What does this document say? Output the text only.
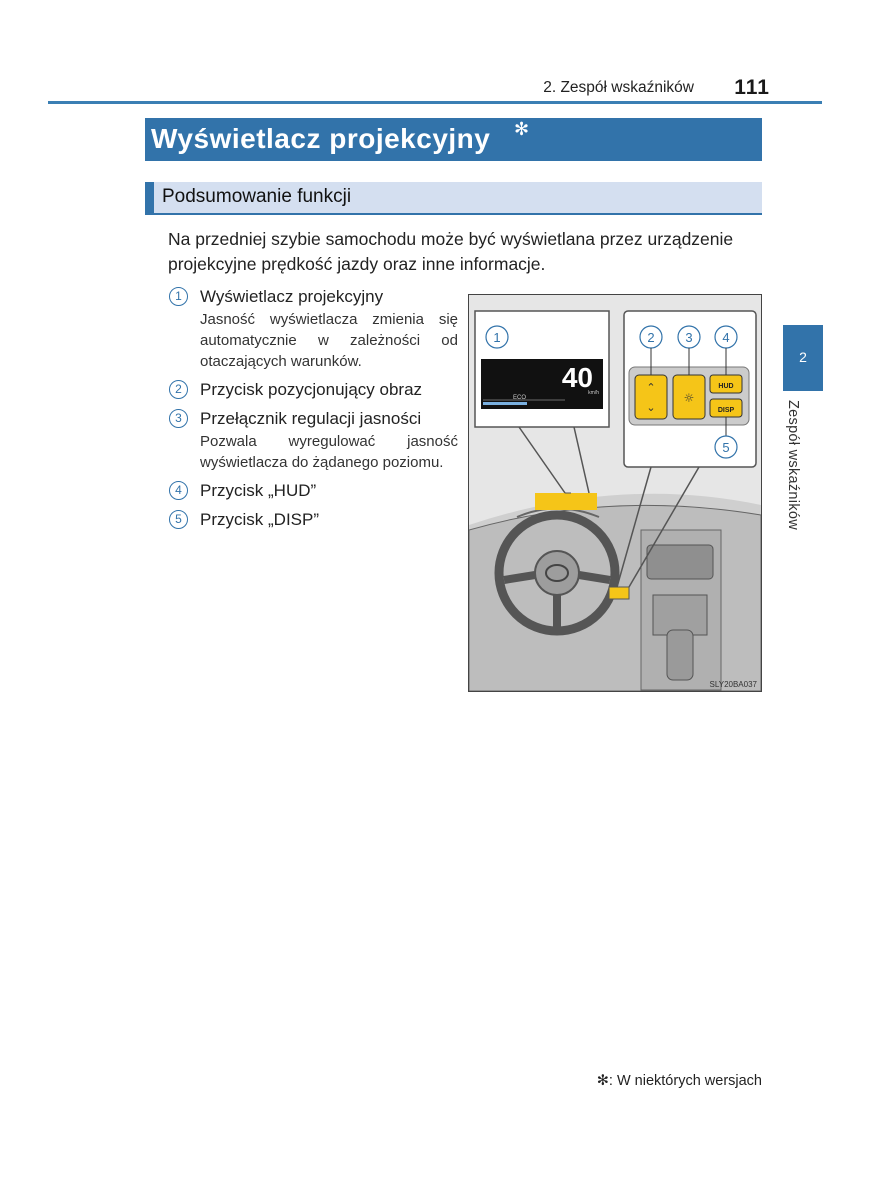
2. Zespół wskaźników 111
Wyświetlacz projekcyjny ✻
Podsumowanie funkcji
Na przedniej szybie samochodu może być wyświetlana przez urządzenie projekcyjne prędkość jazdy oraz inne informacje.
1	Wyświetlacz projekcyjny
Jasność wyświetlacza zmienia się automatycznie w zależności od otaczających warunków.
2	Przycisk pozycjonujący obraz
3	Przełącznik regulacji jasności
Pozwala wyregulować jasność wyświetlacza do żądanego poziomu.
4	Przycisk „HUD”
5	Przycisk „DISP”
1
40
km/h
ECO
2 3 4
⌃
⌄
☼
HUD
DISP
5
SLY20BA037
2
Zespół wskaźników
✻: W niektórych wersjach
